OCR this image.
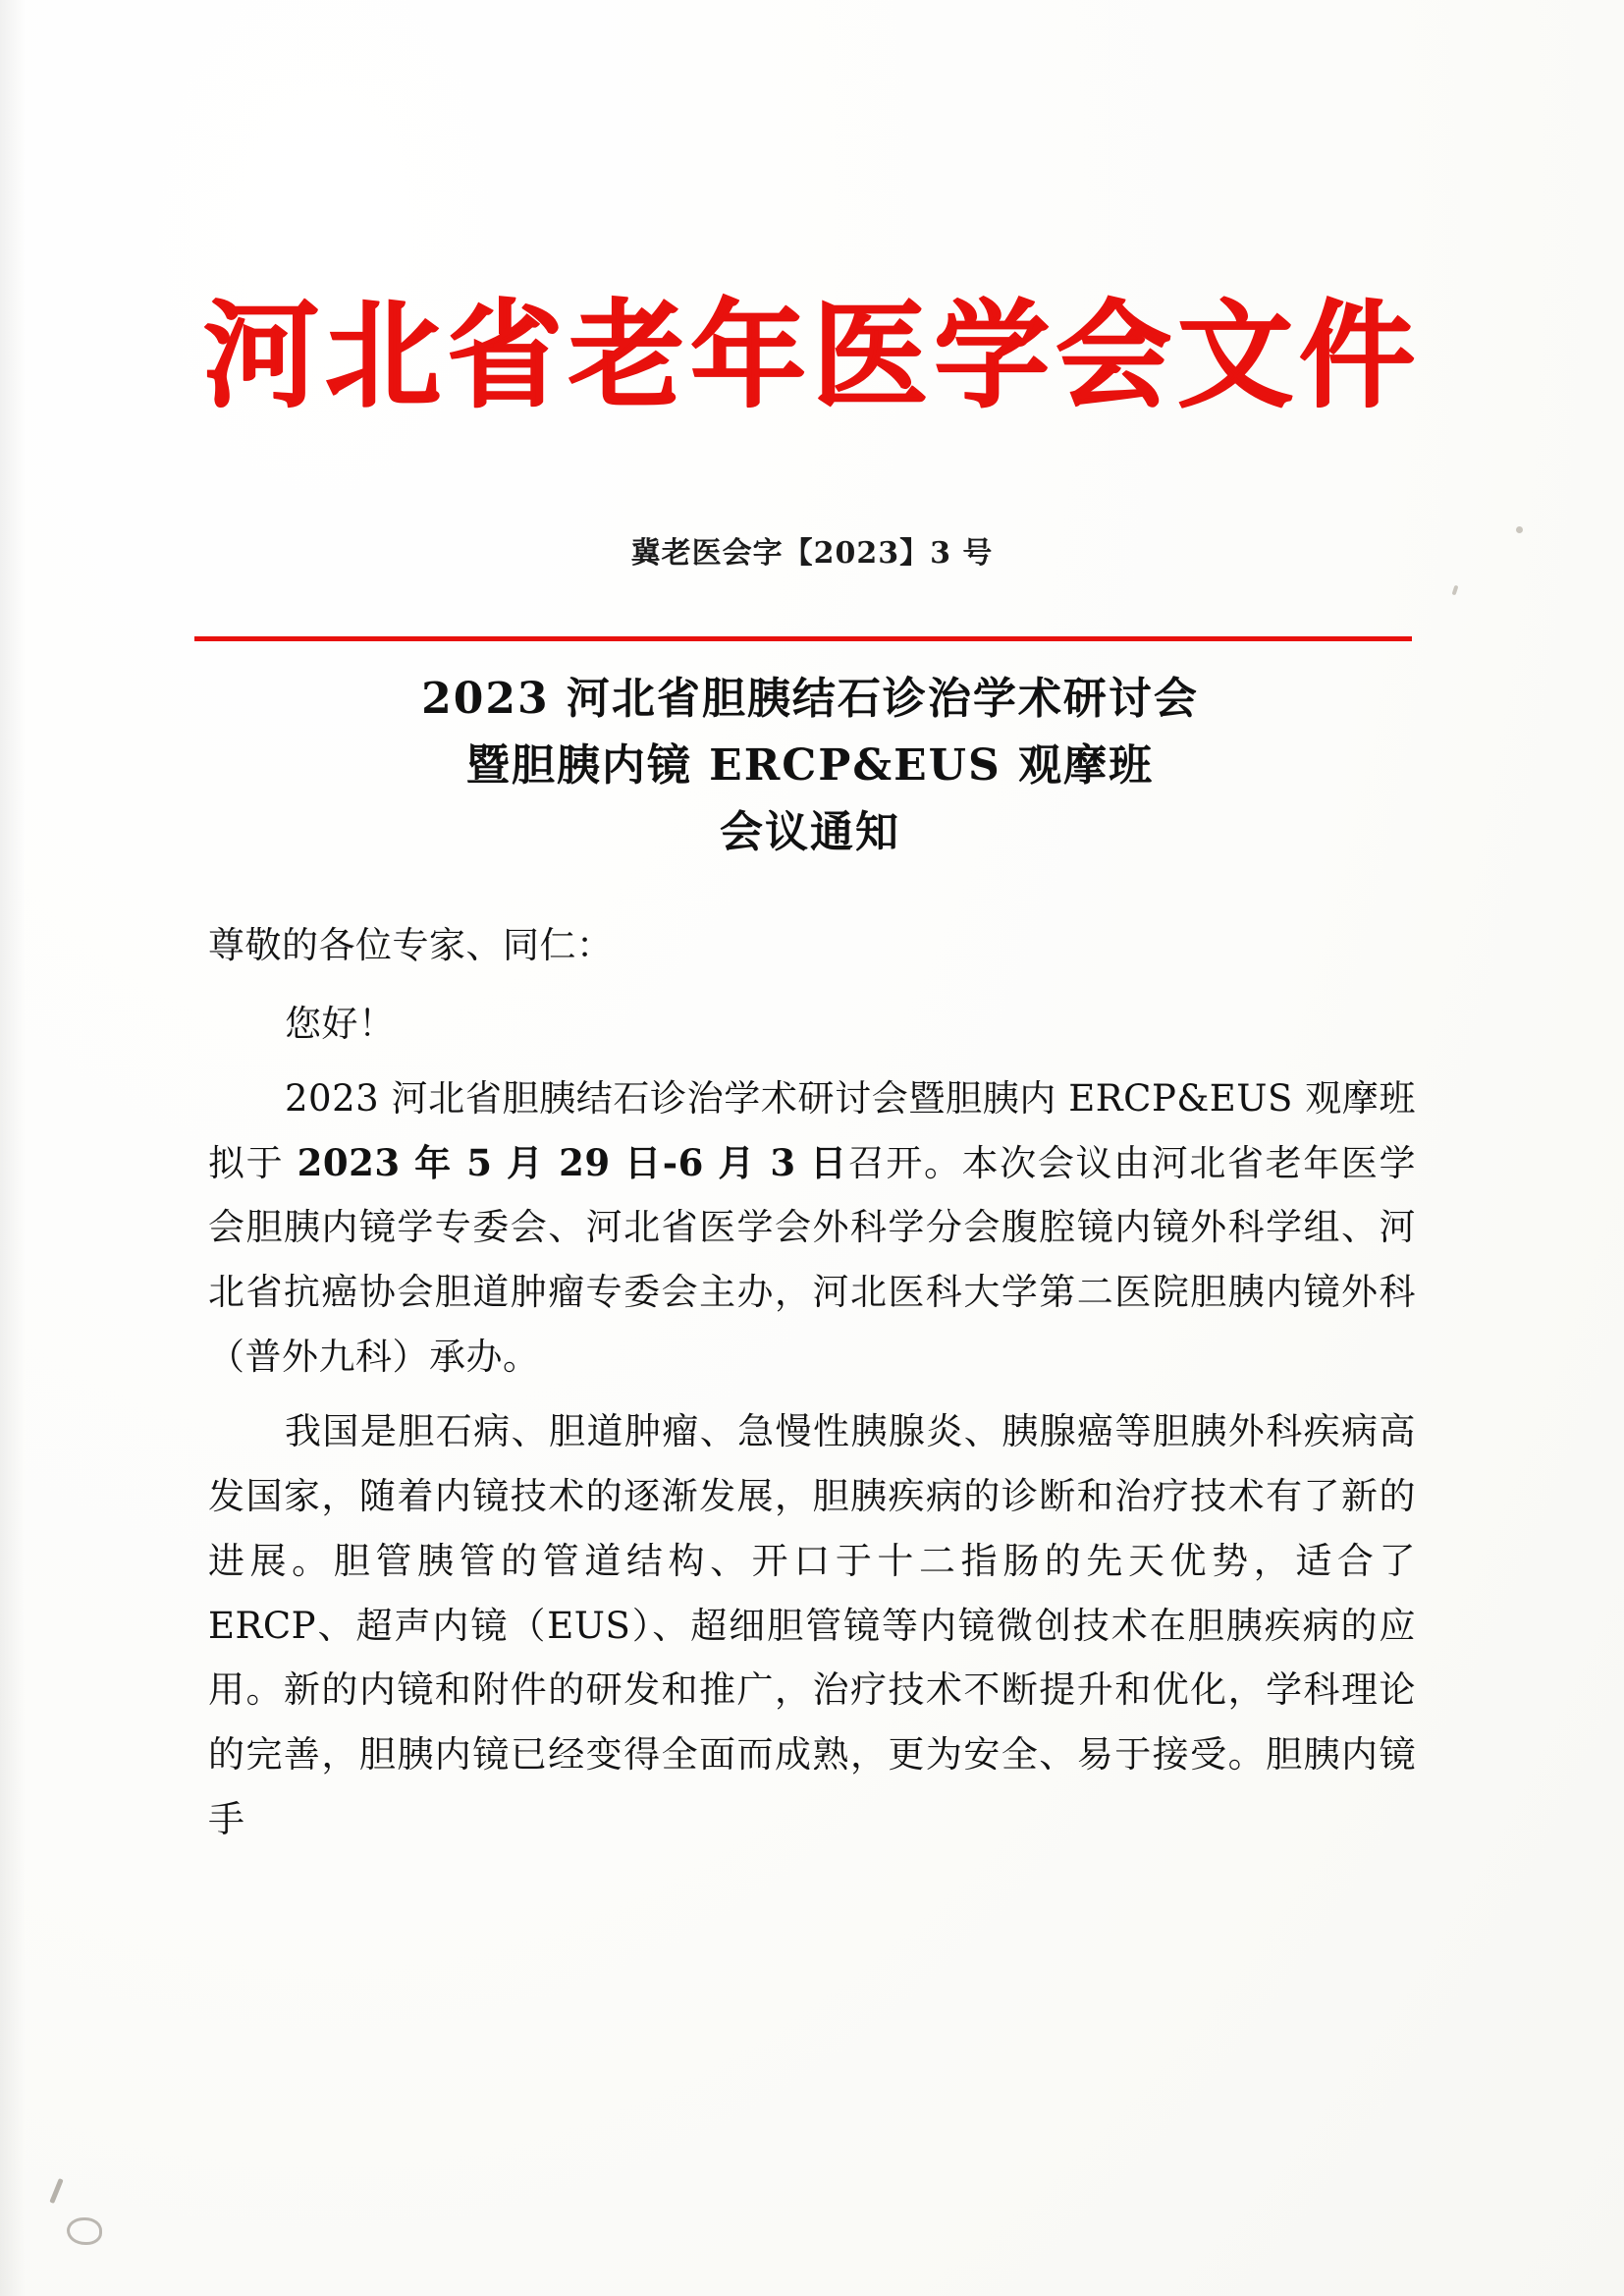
河北省老年医学会文件
冀老医会字【2023】3 号
2023 河北省胆胰结石诊治学术研讨会
暨胆胰内镜 ERCP&EUS 观摩班
会议通知

尊敬的各位专家、同仁：

您好！

2023 河北省胆胰结石诊治学术研讨会暨胆胰内 ERCP&EUS 观摩班拟于 2023 年 5 月 29 日-6 月 3 日召开。本次会议由河北省老年医学会胆胰内镜学专委会、河北省医学会外科学分会腹腔镜内镜外科学组、河北省抗癌协会胆道肿瘤专委会主办，河北医科大学第二医院胆胰内镜外科（普外九科）承办。

我国是胆石病、胆道肿瘤、急慢性胰腺炎、胰腺癌等胆胰外科疾病高发国家，随着内镜技术的逐渐发展，胆胰疾病的诊断和治疗技术有了新的进展。胆管胰管的管道结构、开口于十二指肠的先天优势，适合了 ERCP、超声内镜（EUS）、超细胆管镜等内镜微创技术在胆胰疾病的应用。新的内镜和附件的研发和推广，治疗技术不断提升和优化，学科理论的完善，胆胰内镜已经变得全面而成熟，更为安全、易于接受。胆胰内镜手
